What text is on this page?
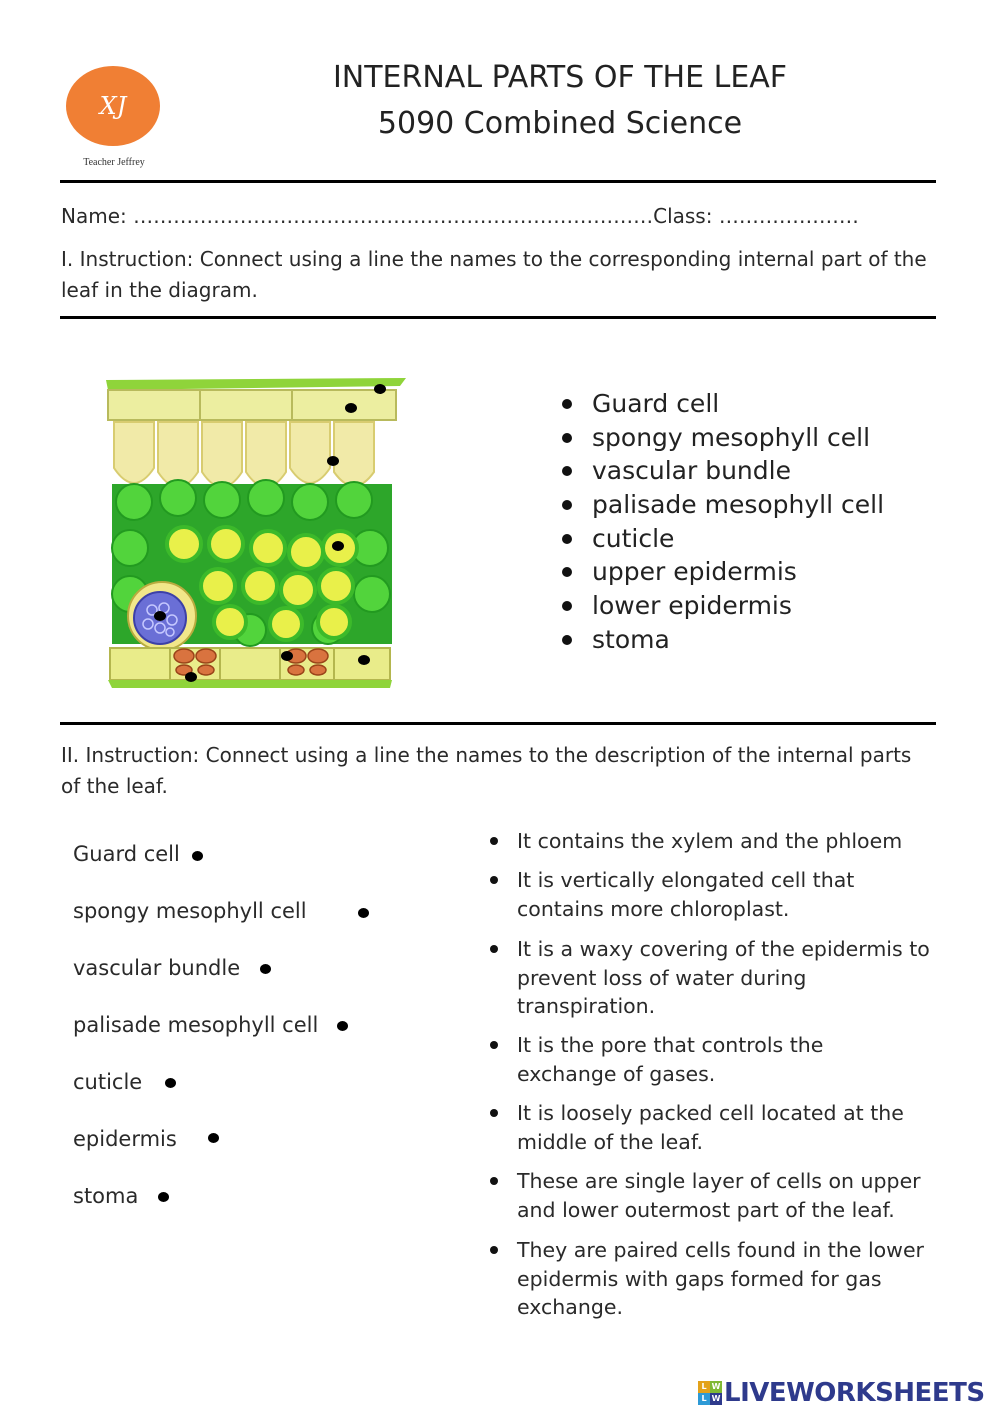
XJ
Teacher Jeffrey
INTERNAL PARTS OF THE LEAF
5090 Combined Science
Name: ……………………………………………………………………Class: …………………
I. Instruction: Connect using a line the names to the corresponding internal part of the leaf in the diagram.
Guard cell
spongy mesophyll cell
vascular bundle
palisade mesophyll cell
cuticle
upper epidermis
lower epidermis
stoma
II. Instruction: Connect using a line the names to the description of the internal parts of the leaf.
Guard cell
spongy mesophyll cell
vascular bundle
palisade mesophyll cell
cuticle
epidermis
stoma
It contains the xylem and the phloem
It is vertically elongated cell that contains more chloroplast.
It is a waxy covering of the epidermis to prevent loss of water during transpiration.
It is the pore that controls the exchange of gases.
It is loosely packed cell located at the middle of the leaf.
These are single layer of cells on upper and lower outermost part of the leaf.
They are paired cells found in the lower epidermis with gaps formed for gas exchange.
L W
L W LIVEWORKSHEETS
